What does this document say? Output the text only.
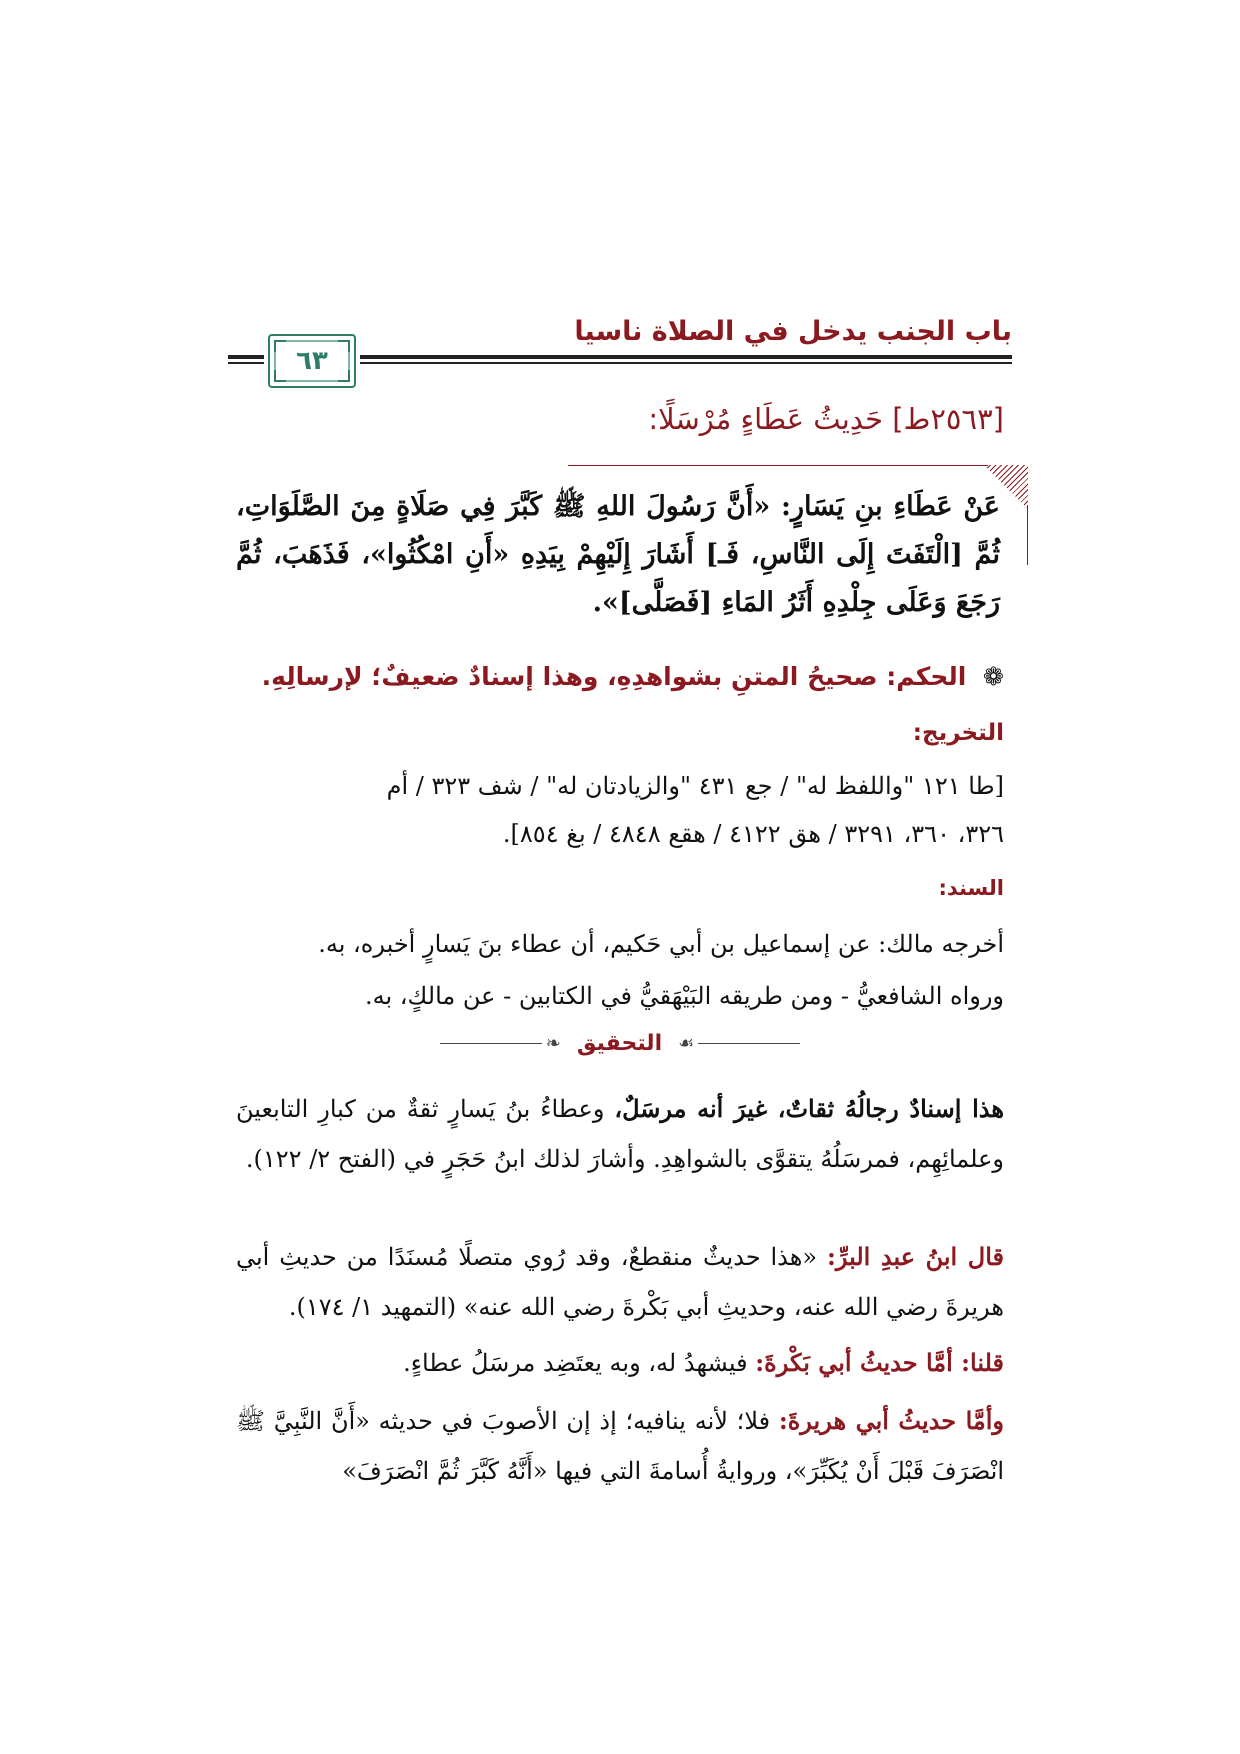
باب الجنب يدخل في الصلاة ناسيا
٦٣
[٢٥٦٣ط] حَدِيثُ عَطَاءٍ مُرْسَلًا:
عَنْ عَطَاءِ بنِ يَسَارٍ: «أَنَّ رَسُولَ اللهِ ﷺ كَبَّرَ فِي صَلَاةٍ مِنَ الصَّلَوَاتِ، ثُمَّ [الْتَفَتَ إِلَى النَّاسِ، فَـ] أَشَارَ إِلَيْهِمْ بِيَدِهِ «أَنِ امْكُثُوا»، فَذَهَبَ، ثُمَّ رَجَعَ وَعَلَى جِلْدِهِ أَثَرُ المَاءِ [فَصَلَّى]».
❁ الحكم: صحيحُ المتنِ بشواهدِهِ، وهذا إسنادٌ ضعيفٌ؛ لإرسالِهِ.
التخريج:
[طا ١٢١ "واللفظ له" / جع ٤٣١ "والزيادتان له" / شف ٣٢٣ / أم
٣٢٦، ٣٦٠، ٣٢٩١ / هق ٤١٢٢ / هقع ٤٨٤٨ / بغ ٨٥٤].
السند:
أخرجه مالك: عن إسماعيل بن أبي حَكيم، أن عطاء بنَ يَسارٍ أخبره، به.
ورواه الشافعيُّ - ومن طريقه البَيْهَقيُّ في الكتابين - عن مالكٍ، به.
❧ التحقيق ☙
هذا إسنادٌ رجالُهُ ثقاتٌ، غيرَ أنه مرسَلٌ، وعطاءُ بنُ يَسارٍ ثقةٌ من كبارِ التابعينَ وعلمائِهِم، فمرسَلُهُ يتقوَّى بالشواهِدِ. وأشارَ لذلك ابنُ حَجَرٍ في (الفتح ٢/ ١٢٢).
قال ابنُ عبدِ البرِّ: «هذا حديثٌ منقطعٌ، وقد رُوي متصلًا مُسنَدًا من حديثِ أبي هريرةَ رضي الله عنه، وحديثِ أبي بَكْرةَ رضي الله عنه» (التمهيد ١/ ١٧٤).
قلنا: أمَّا حديثُ أبي بَكْرةَ: فيشهدُ له، وبه يعتَضِد مرسَلُ عطاءٍ.
وأمَّا حديثُ أبي هريرةَ: فلا؛ لأنه ينافيه؛ إذ إن الأصوبَ في حديثه «أَنَّ النَّبِيَّ ﷺ انْصَرَفَ قَبْلَ أَنْ يُكَبِّرَ»، وروايةُ أُسامةَ التي فيها «أَنَّهُ كَبَّرَ ثُمَّ انْصَرَفَ»
